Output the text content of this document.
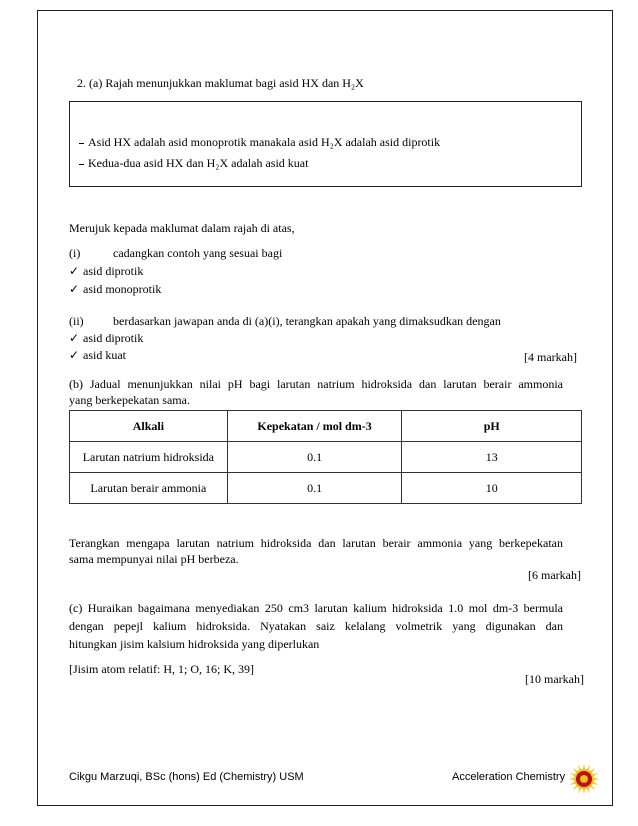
2. (a) Rajah menunjukkan maklumat bagi asid HX dan H₂X
Asid HX adalah asid monoprotik manakala asid H₂X adalah asid diprotik
Kedua-dua asid HX dan H₂X adalah asid kuat
Merujuk kepada maklumat dalam rajah di atas,
(i)	cadangkan contoh yang sesuai bagi
✓ asid diprotik
✓ asid monoprotik
(ii) berdasarkan jawapan anda di (a)(i), terangkan apakah yang dimaksudkan dengan
✓ asid diprotik
✓ asid kuat	[4 markah]
(b) Jadual menunjukkan nilai pH bagi larutan natrium hidroksida dan larutan berair ammonia
yang berkepekatan sama.
Alkali	Kepekatan / mol dm-3	pH
Larutan natrium hidroksida	0.1	13
Larutan berair ammonia	0.1	10
Terangkan mengapa larutan natrium hidroksida dan larutan berair ammonia yang berkepekatan
sama mempunyai nilai pH berbeza.
[6 markah]
(c) Huraikan bagaimana menyediakan 250 cm3 larutan kalium hidroksida 1.0 mol dm-3 bermula
dengan pepejl kalium hidroksida. Nyatakan saiz kelalang volmetrik yang digunakan dan
hitungkan jisim kalsium hidroksida yang diperlukan
[Jisim atom relatif: H, 1; O, 16; K, 39]
[10 markah]
Cikgu Marzuqi, BSc (hons) Ed (Chemistry) USM	Acceleration Chemistry
